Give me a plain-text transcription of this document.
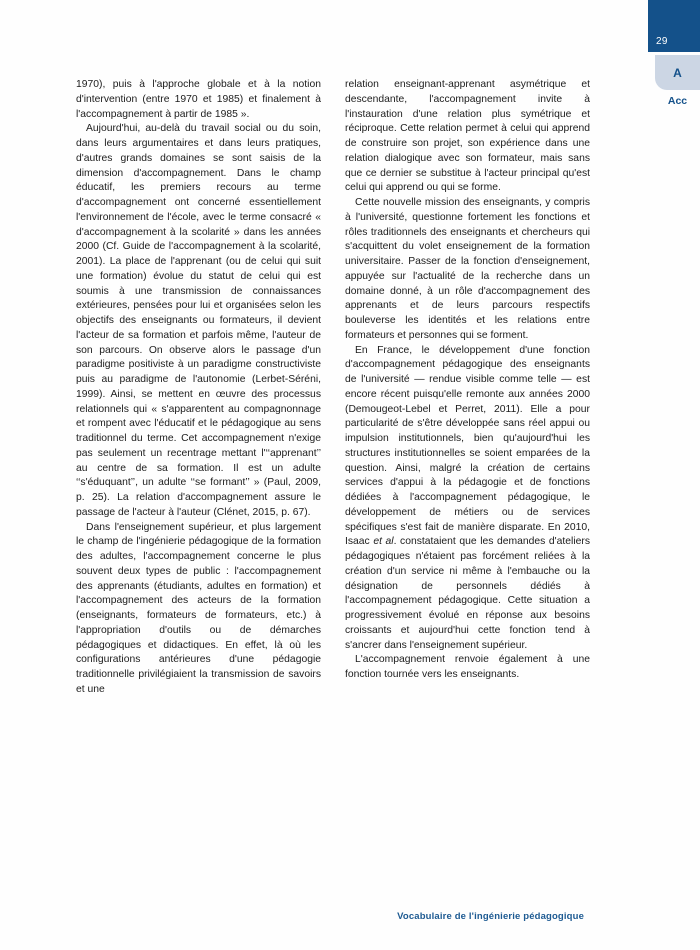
29
A
Acc

1970), puis à l'approche globale et à la notion d'intervention (entre 1970 et 1985) et finalement à l'accompagnement à partir de 1985 ».

Aujourd'hui, au-delà du travail social ou du soin, dans leurs argumentaires et dans leurs pratiques, d'autres grands domaines se sont saisis de la dimension d'accompagnement. Dans le champ éducatif, les premiers recours au terme d'accompagnement ont concerné essentiellement l'environnement de l'école, avec le terme consacré « d'accompagnement à la scolarité » dans les années 2000 (Cf. Guide de l'accompagnement à la scolarité, 2001). La place de l'apprenant (ou de celui qui suit une formation) évolue du statut de celui qui est soumis à une transmission de connaissances extérieures, pensées pour lui et organisées selon les objectifs des enseignants ou formateurs, il devient l'acteur de sa formation et parfois même, l'auteur de son parcours. On observe alors le passage d'un paradigme positiviste à un paradigme constructiviste puis au paradigme de l'autonomie (Lerbet-Séréni, 1999). Ainsi, se mettent en œuvre des processus relationnels qui « s'apparentent au compagnonnage et rompent avec l'éducatif et le pédagogique au sens traditionnel du terme. Cet accompagnement n'exige pas seulement un recentrage mettant l'‘‘apprenant’’ au centre de sa formation. Il est un adulte ‘‘s'éduquant’’, un adulte ‘‘se formant’’ » (Paul, 2009, p. 25). La relation d'accompagnement assure le passage de l'acteur à l'auteur (Clénet, 2015, p. 67).

Dans l'enseignement supérieur, et plus largement le champ de l'ingénierie pédagogique de la formation des adultes, l'accompagnement concerne le plus souvent deux types de public : l'accompagnement des apprenants (étudiants, adultes en formation) et l'accompagnement des acteurs de la formation (enseignants, formateurs de formateurs, etc.) à l'appropriation d'outils ou de démarches pédagogiques et didactiques. En effet, là où les configurations antérieures d'une pédagogie traditionnelle privilégiaient la transmission de savoirs et une

relation enseignant-apprenant asymétrique et descendante, l'accompagnement invite à l'instauration d'une relation plus symétrique et réciproque. Cette relation permet à celui qui apprend de construire son projet, son expérience dans une relation dialogique avec son formateur, mais sans que ce dernier se substitue à l'acteur principal qu'est celui qui apprend ou qui se forme.

Cette nouvelle mission des enseignants, y compris à l'université, questionne fortement les fonctions et rôles traditionnels des enseignants et chercheurs qui s'acquittent du volet enseignement de la formation universitaire. Passer de la fonction d'enseignement, appuyée sur l'actualité de la recherche dans un domaine donné, à un rôle d'accompagnement des apprenants et de leurs parcours respectifs bouleverse les identités et les relations entre formateurs et personnes qui se forment.

En France, le développement d'une fonction d'accompagnement pédagogique des enseignants de l'université — rendue visible comme telle — est encore récent puisqu'elle remonte aux années 2000 (Demougeot-Lebel et Perret, 2011). Elle a pour particularité de s'être développée sans réel appui ou impulsion institutionnels, bien qu'aujourd'hui les structures institutionnelles se soient emparées de la question. Ainsi, malgré la création de certains services d'appui à la pédagogie et de fonctions dédiées à l'accompagnement pédagogique, le développement de métiers ou de services spécifiques s'est fait de manière disparate. En 2010, Isaac et al. constataient que les demandes d'ateliers pédagogiques n'étaient pas forcément reliées à la création d'un service ni même à l'embauche ou la désignation de personnels dédiés à l'accompagnement pédagogique. Cette situation a progressivement évolué en réponse aux besoins croissants et aujourd'hui cette fonction tend à s'ancrer dans l'enseignement supérieur.

L'accompagnement renvoie également à une fonction tournée vers les enseignants.

Vocabulaire de l'ingénierie pédagogique
